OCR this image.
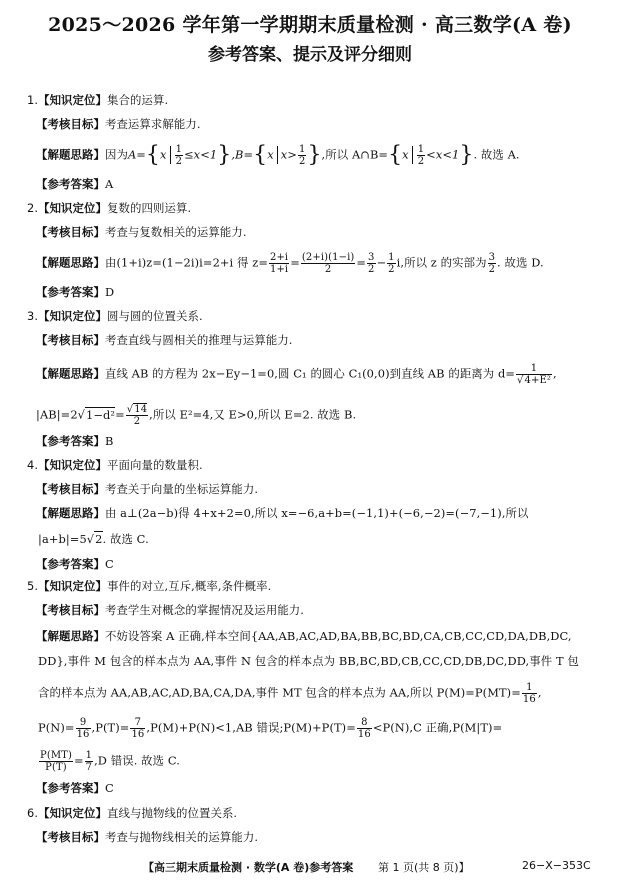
2025～2026 学年第一学期期末质量检测 · 高三数学(A 卷)
参考答案、提示及评分细则
1.【知识定位】集合的运算.
【考核目标】考查运算求解能力.
【解题思路】因为$A=\{x \frac{1}{2} \le x<1\},B=\{x$ $x> \frac{1}{2}$ },所以 A∩B={x $\frac{1}{2} <x<1$}. 故选 A.
【参考答案】A
2.【知识定位】复数的四则运算.
【考核目标】考查与复数相关的运算能力.
【解题思路】由(1+i)z=(1−2i)i=2+i 得 $z= \frac{2+i}{1+i} = \frac{(2+i)(1-i)}{2} = \frac{3}{2} - \frac{1}{2} i$,所以 z 的实部为 $\frac{3}{2}$ . 故选 D.
【参考答案】D
3.【知识定位】圆与圆的位置关系.
【考核目标】考查直线与圆相关的推理与运算能力.
【解题思路】直线 AB 的方程为 2x−Ey−1=0,圆 C₁ 的圆心 C₁(0,0)到直线 AB 的距离为 $d= \frac{1}{\text{√4+E²}}$ ,
$|AB|=2√1-d^2= \frac{√14}{2}$ ,所以 E²=4,又 E>0,所以 E=2. 故选 B.
【参考答案】B
4.【知识定位】平面向量的数量积.
【考核目标】考查关于向量的坐标运算能力.
【解题思路】由 a⊥(2a−b)得 4+x+2=0,所以 x=−6,a+b=(−1,1)+(−6,−2)=(−7,−1),所以
|a+b|=5√2. 故选 C.
【参考答案】C
5.【知识定位】事件的对立,互斥,概率,条件概率.
【考核目标】考查学生对概念的掌握情况及运用能力.
【解题思路】不妨设答案 A 正确,样本空间{AA,AB,AC,AD,BA,BB,BC,BD,CA,CB,CC,CD,DA,DB,DC,
DD},事件 M 包含的样本点为 AA,事件 N 包含的样本点为 BB,BC,BD,CB,CC,CD,DB,DC,DD,事件 T 包
含的样本点为 AA,AB,AC,AD,BA,CA,DA,事件 MT 包含的样本点为 AA,所以 $P(M)=P(MT)= \frac{1}{16}$ ,
$P(N)= \frac{9}{16} ,P(T)= \frac{7}{16} ,P(M)+P(N)<1,AB$ 错误;P(M)+P(T)= $\frac{8}{16} <P(N),C$ 正确,P(M|T)=
$\frac{P(MT)}{P(T)} = \frac{1}{7} ,D$ 错误. 故选 C.
【参考答案】C
6.【知识定位】直线与抛物线的位置关系.
【考核目标】考查与抛物线相关的运算能力.
【高三期末质量检测 · 数学(A 卷)参考答案 第 1 页(共 8 页)】	26−X−353C
